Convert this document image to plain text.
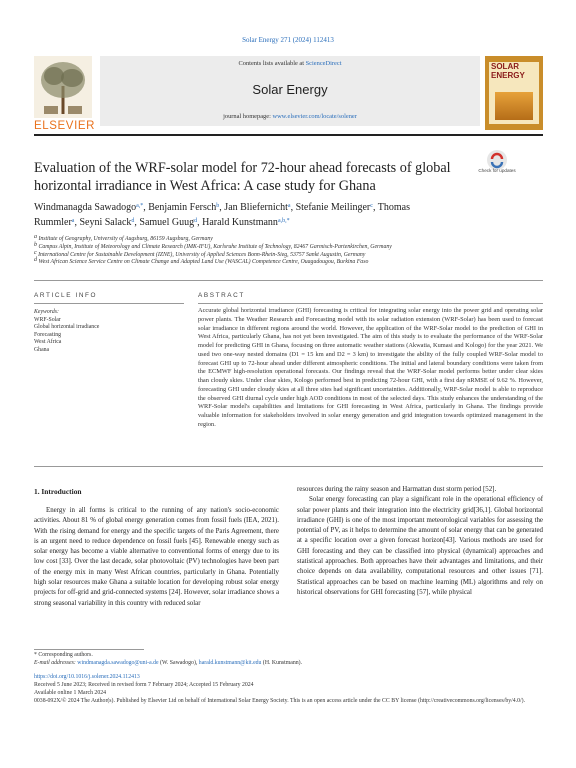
Solar Energy 271 (2024) 112413
ELSEVIER
Contents lists available at ScienceDirect
Solar Energy
journal homepage: www.elsevier.com/locate/solener
SOLAR ENERGY
Check for updates
Evaluation of the WRF-solar model for 72-hour ahead forecasts of global horizontal irradiance in West Africa: A case study for Ghana
Windmanagda Sawadogo$^{a,*}$, Benjamin Fersch$^b$, Jan Bliefernicht$^a$, Stefanie Meilinger$^c$, Thomas Rummler$^a$, Seyni Salack$^d$, Samuel Guug$^d$, Harald Kunstmann$^{a,b,*}$
$^a$ Institute of Geography, University of Augsburg, 86159 Augsburg, Germany
$^b$ Campus Alpin, Institute of Meteorology and Climate Research (IMK-IFU), Karlsruhe Institute of Technology, 82467 Garmisch-Partenkirchen, Germany
$^c$ International Centre for Sustainable Development (IZNE), University of Applied Sciences Bonn-Rhein-Sieg, 53757 Sankt Augustin, Germany
$^d$ West African Science Service Centre on Climate Change and Adapted Land Use (WASCAL) Competence Centre, Ouagadougou, Burkina Faso
ARTICLE INFO
Keywords:
WRF-Solar
Global horizontal irradiance
Forecasting
West Africa
Ghana
ABSTRACT
Accurate global horizontal irradiance (GHI) forecasting is critical for integrating solar energy into the power grid and operating solar power plants. The Weather Research and Forecasting model with its solar radiation extension (WRF-Solar) has been used to forecast solar irradiance in different regions around the world. However, the application of the WRF-Solar model to the prediction of GHI in West Africa, particularly Ghana, has not yet been investigated. The aim of this study is to evaluate the performance of the WRF-Solar model for predicting GHI in Ghana, focusing on three automatic weather stations (Akwatia, Kumasi and Kologo) for the year 2021. We used two one-way nested domains (D1 = 15 km and D2 = 3 km) to investigate the ability of the fully coupled WRF-Solar model to forecast GHI up to 72-hour ahead under different atmospheric conditions. The initial and lateral boundary conditions were taken from the ECMWF high-resolution operational forecasts. Our findings reveal that the WRF-Solar model performs better under clear skies than cloudy skies. Under clear skies, Kologo performed best in predicting 72-hour GHI, with a first day nRMSE of 9.62 %. However, forecasting GHI under cloudy skies at all three sites had significant uncertainties. Additionally, WRF-Solar model is able to reproduce the observed GHI diurnal cycle under high AOD conditions in most of the selected days. This study enhances the understanding of the WRF-Solar model's capabilities and limitations for GHI forecasting in West Africa, particularly in Ghana. The findings provide valuable information for stakeholders involved in solar energy generation and grid integration towards optimized management in the region.
1. Introduction
Energy in all forms is critical to the running of any nation's socio-economic activities. About 81 % of global energy generation comes from fossil fuels (IEA, 2021). With the rising demand for energy and the specific targets of the Paris Agreement, there is an urgent need to reduce dependence on fossil fuels [45]. Renewable energy such as solar energy has become a viable alternative to conventional forms of energy due to its low cost [33]. Over the last decade, solar photovoltaic (PV) technologies have been part of the energy mix in many West African countries, particularly in Ghana. Potentially high solar resources make Ghana a suitable location for developing robust solar energy projects for off-grid and grid-connected systems [24]. However, solar irradiance shows a strong seasonal variability in this country with reduced solar
resources during the rainy season and Harmattan dust storm period [52].
Solar energy forecasting can play a significant role in the operational efficiency of solar power plants and their integration into the electricity grid[36,1]. Global horizontal irradiance (GHI) is one of the most important meteorological variables for assessing the potential of PV, as it helps to determine the amount of solar energy that can be generated at a specific location over a given forecast horizon[43]. Various methods are used for GHI forecasting and they can be classified into physical (dynamical) approaches and statistical approaches. Both approaches have their advantages and limitations, and their choice depends on data availability, computational resources and other issues [71]. Statistical approaches can be based on machine learning (ML) algorithms and rely on historical observations for GHI forecasting [57], while physical
* Corresponding authors.
E-mail addresses: windmanagda.sawadogo@uni-a.de (W. Sawadogo), harald.kunstmann@kit.edu (H. Kunstmann).
https://doi.org/10.1016/j.solener.2024.112413
Received 5 June 2023; Received in revised form 7 February 2024; Accepted 15 February 2024
Available online 1 March 2024
0038-092X/© 2024 The Author(s). Published by Elsevier Ltd on behalf of International Solar Energy Society. This is an open access article under the CC BY license (http://creativecommons.org/licenses/by/4.0/).
